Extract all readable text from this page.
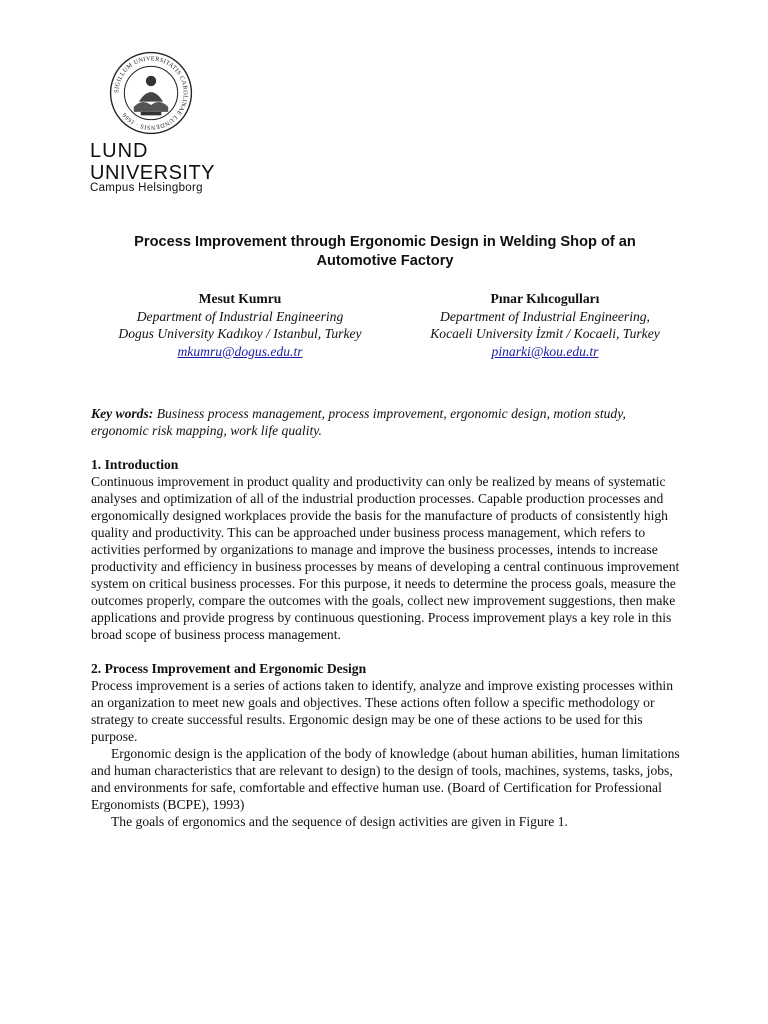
SIGILLUM UNIVERSITATIS CAROLINAE LUNDENSIS · 1666
LUND
UNIVERSITY
Campus Helsingborg
Process Improvement through Ergonomic Design in Welding Shop of an
Automotive Factory
Mesut Kumru
Department of Industrial Engineering
Dogus University Kadıkoy / Istanbul, Turkey
mkumru@dogus.edu.tr
Pınar Kılıcogulları
Department of Industrial Engineering,
Kocaeli University İzmit / Kocaeli, Turkey
pinarki@kou.edu.tr

Key words: Business process management, process improvement, ergonomic design, motion study, ergonomic risk mapping, work life quality.

1. Introduction

Continuous improvement in product quality and productivity can only be realized by means of systematic analyses and optimization of all of the industrial production processes. Capable production processes and ergonomically designed workplaces provide the basis for the manufacture of products of consistently high quality and productivity. This can be approached under business process management, which refers to activities performed by organizations to manage and improve the business processes, intends to increase productivity and efficiency in business processes by means of developing a central continuous improvement system on critical business processes. For this purpose, it needs to determine the process goals, measure the outcomes properly, compare the outcomes with the goals, collect new improvement suggestions, then make applications and provide progress by continuous questioning. Process improvement plays a key role in this broad scope of business process management.

2. Process Improvement and Ergonomic Design

Process improvement is a series of actions taken to identify, analyze and improve existing processes within an organization to meet new goals and objectives. These actions often follow a specific methodology or strategy to create successful results. Ergonomic design may be one of these actions to be used for this purpose.

Ergonomic design is the application of the body of knowledge (about human abilities, human limitations and human characteristics that are relevant to design) to the design of tools, machines, systems, tasks, jobs, and environments for safe, comfortable and effective human use. (Board of Certification for Professional Ergonomists (BCPE), 1993)

The goals of ergonomics and the sequence of design activities are given in Figure 1.
